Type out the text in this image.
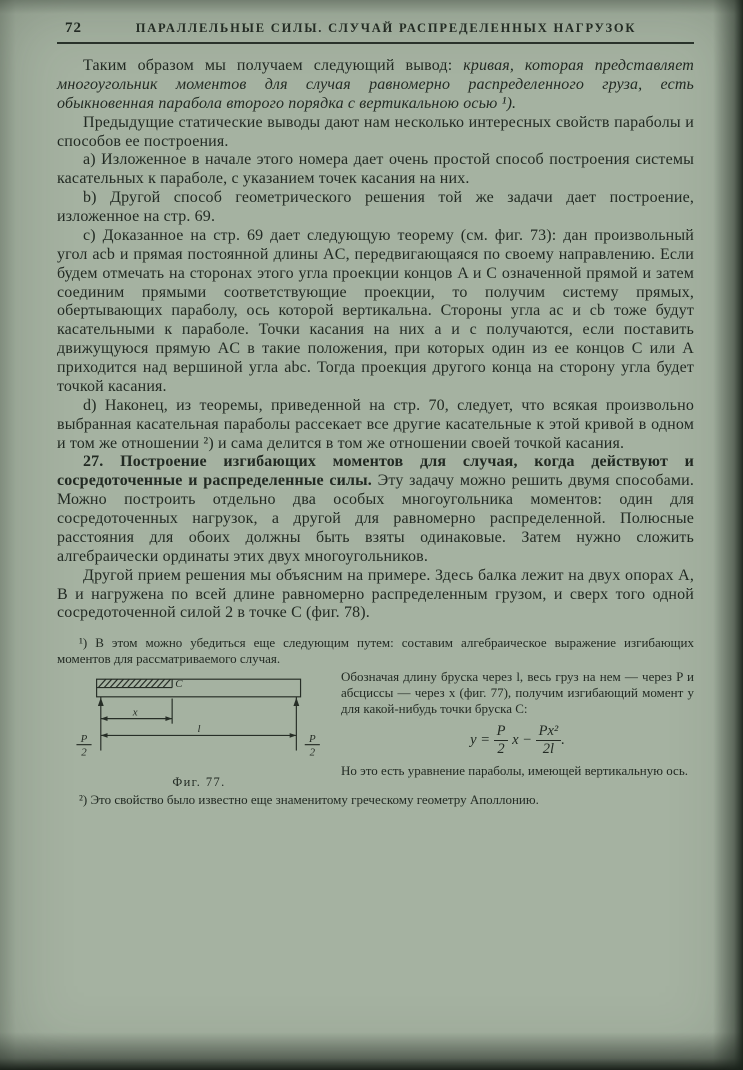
72	ПАРАЛЛЕЛЬНЫЕ СИЛЫ. СЛУЧАЙ РАСПРЕДЕЛЕННЫХ НАГРУЗОК

Таким образом мы получаем следующий вывод: кривая, которая представляет многоугольник моментов для случая равномерно распределенного груза, есть обыкновенная парабола второго порядка с вертикальною осью ¹).

Предыдущие статические выводы дают нам несколько интересных свойств параболы и способов ее построения.

a) Изложенное в начале этого номера дает очень простой способ построения системы касательных к параболе, с указанием точек касания на них.

b) Другой способ геометрического решения той же задачи дает построение, изложенное на стр. 69.

c) Доказанное на стр. 69 дает следующую теорему (см. фиг. 73): дан произвольный угол acb и прямая постоянной длины AC, передвигающаяся по своему направлению. Если будем отмечать на сторонах этого угла проекции концов A и C означенной прямой и затем соединим прямыми соответствующие проекции, то получим систему прямых, обертывающих параболу, ось которой вертикальна. Стороны угла ac и cb тоже будут касательными к параболе. Точки касания на них a и c получаются, если поставить движущуюся прямую AC в такие положения, при которых один из ее концов C или A приходится над вершиной угла abc. Тогда проекция другого конца на сторону угла будет точкой касания.

d) Наконец, из теоремы, приведенной на стр. 70, следует, что всякая произвольно выбранная касательная параболы рассекает все другие касательные к этой кривой в одном и том же отношении ²) и сама делится в том же отношении своей точкой касания.

27. Построение изгибающих моментов для случая, когда действуют и сосредоточенные и распределенные силы. Эту задачу можно решить двумя способами. Можно построить отдельно два особых многоугольника моментов: один для сосредоточенных нагрузок, а другой для равномерно распределенной. Полюсные расстояния для обоих должны быть взяты одинаковые. Затем нужно сложить алгебраически ординаты этих двух многоугольников.

Другой прием решения мы объясним на примере. Здесь балка лежит на двух опорах A, B и нагружена по всей длине равномерно распределенным грузом, и сверх того одной сосредоточенной силой 2 в точке C (фиг. 78).

¹) В этом можно убедиться еще следующим путем: составим алгебраическое выражение изгибающих моментов для рассматриваемого случая.

C
x
l
P
2
P
2
Фиг. 77.

Обозначая длину бруска через l, весь груз на нем — через P и абсциссы — через x (фиг. 77), получим изгибающий момент y для какой-нибудь точки бруска C:

$y = \frac{P}{2}$ $x - \frac{\text{Px²}}{2l}$ .

Но это есть уравнение параболы, имеющей вертикальную ось.

²) Это свойство было известно еще знаменитому греческому геометру Аполлонию.
